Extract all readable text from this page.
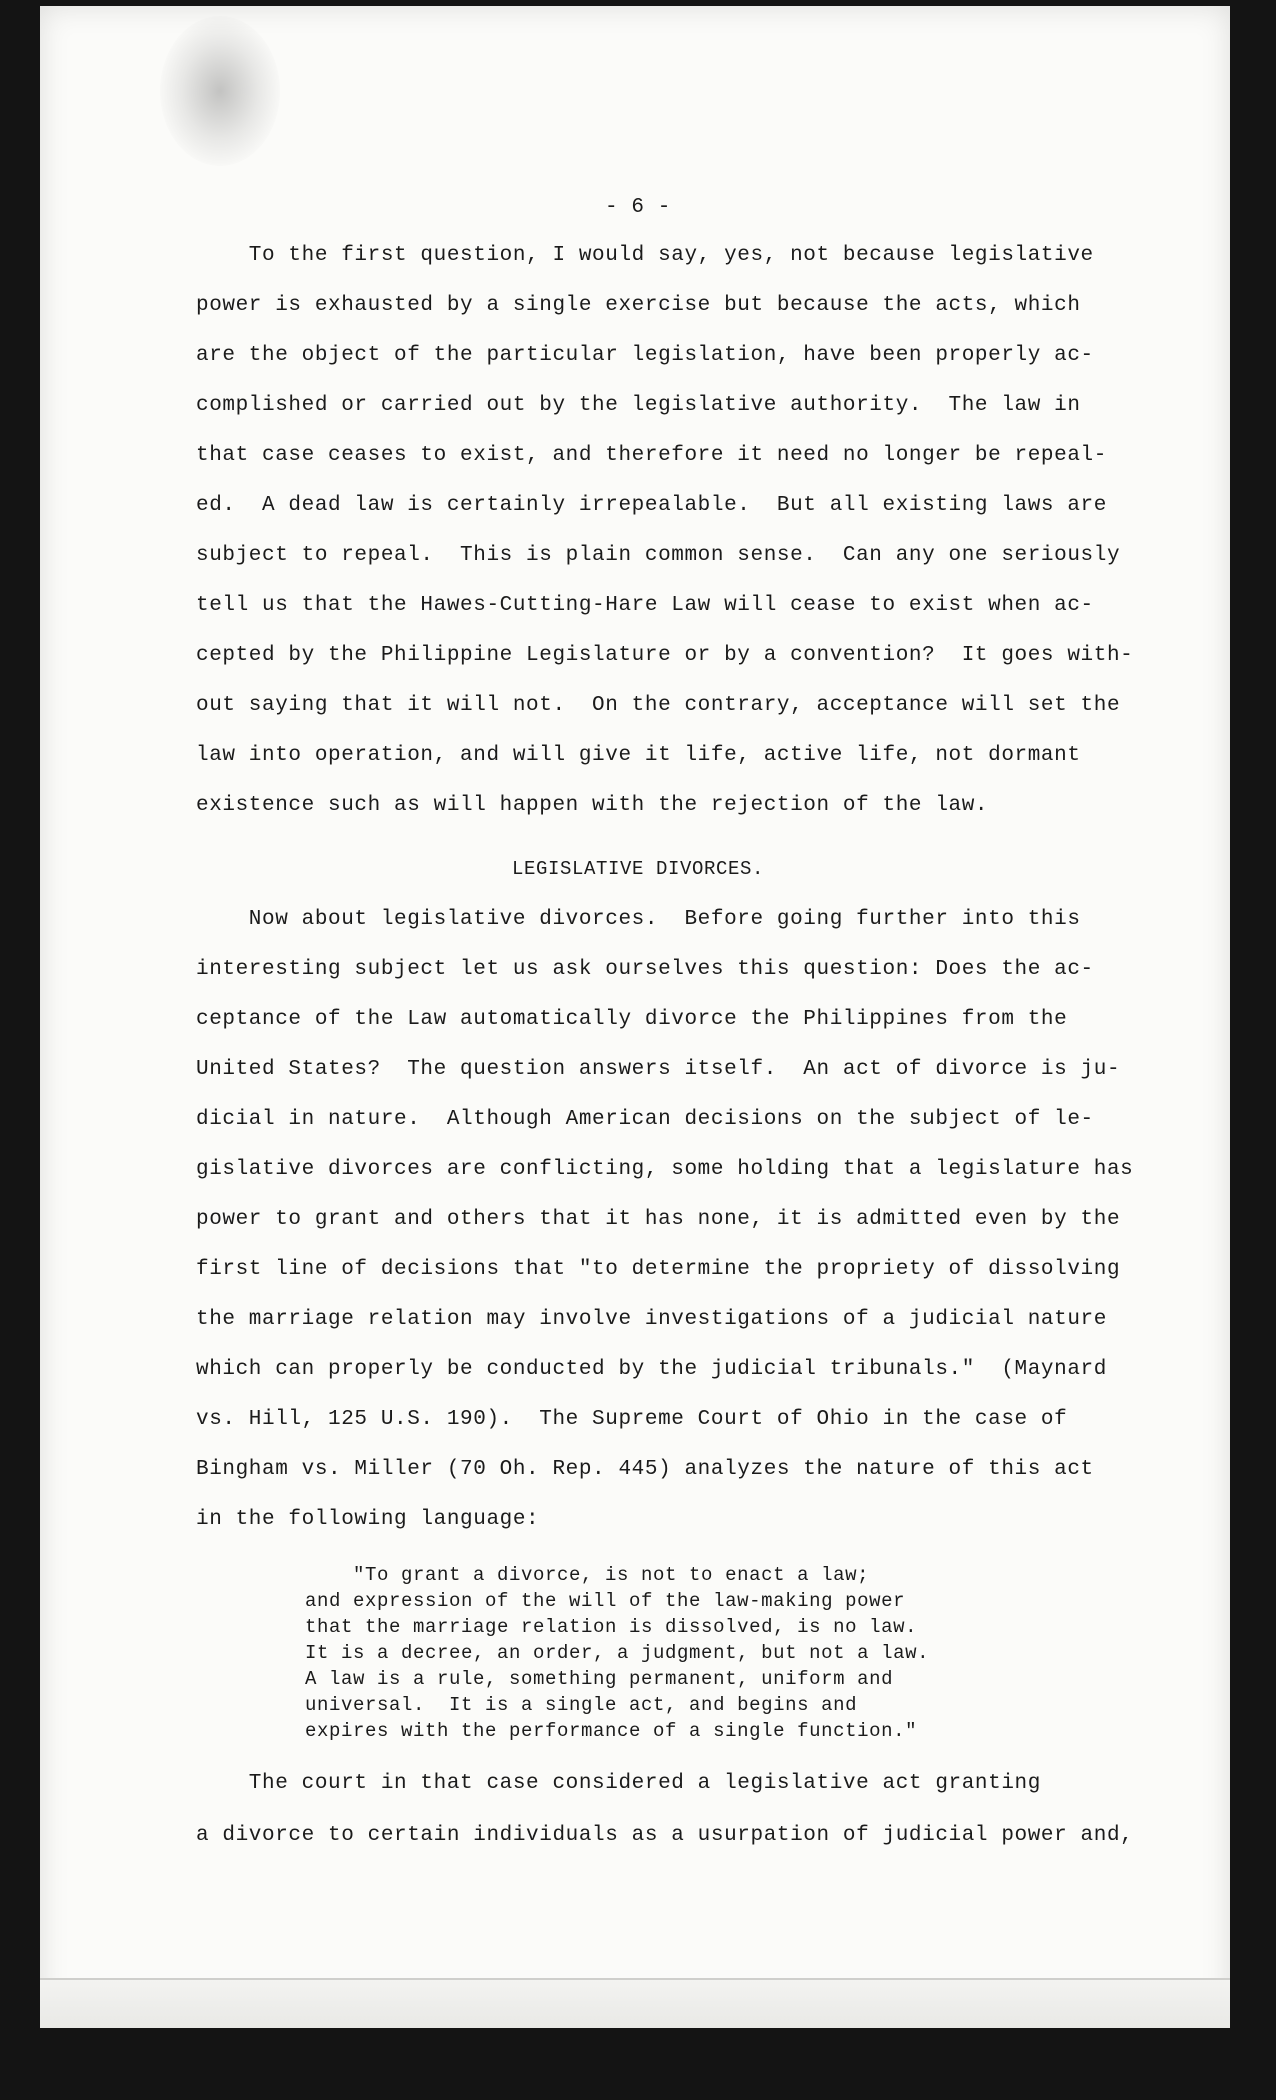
- 6 -
To the first question, I would say, yes, not because legislative
power is exhausted by a single exercise but because the acts, which
are the object of the particular legislation, have been properly ac-
complished or carried out by the legislative authority.  The law in
that case ceases to exist, and therefore it need no longer be repeal-
ed.  A dead law is certainly irrepealable.  But all existing laws are
subject to repeal.  This is plain common sense.  Can any one seriously
tell us that the Hawes-Cutting-Hare Law will cease to exist when ac-
cepted by the Philippine Legislature or by a convention?  It goes with-
out saying that it will not.  On the contrary, acceptance will set the
law into operation, and will give it life, active life, not dormant
existence such as will happen with the rejection of the law.
LEGISLATIVE DIVORCES.
Now about legislative divorces.  Before going further into this
interesting subject let us ask ourselves this question: Does the ac-
ceptance of the Law automatically divorce the Philippines from the
United States?  The question answers itself.  An act of divorce is ju-
dicial in nature.  Although American decisions on the subject of le-
gislative divorces are conflicting, some holding that a legislature has
power to grant and others that it has none, it is admitted even by the
first line of decisions that "to determine the propriety of dissolving
the marriage relation may involve investigations of a judicial nature
which can properly be conducted by the judicial tribunals."  (Maynard
vs. Hill, 125 U.S. 190).  The Supreme Court of Ohio in the case of
Bingham vs. Miller (70 Oh. Rep. 445) analyzes the nature of this act
in the following language:
"To grant a divorce, is not to enact a law;
and expression of the will of the law-making power
that the marriage relation is dissolved, is no law.
It is a decree, an order, a judgment, but not a law.
A law is a rule, something permanent, uniform and
universal.  It is a single act, and begins and
expires with the performance of a single function."
The court in that case considered a legislative act granting
a divorce to certain individuals as a usurpation of judicial power and,
